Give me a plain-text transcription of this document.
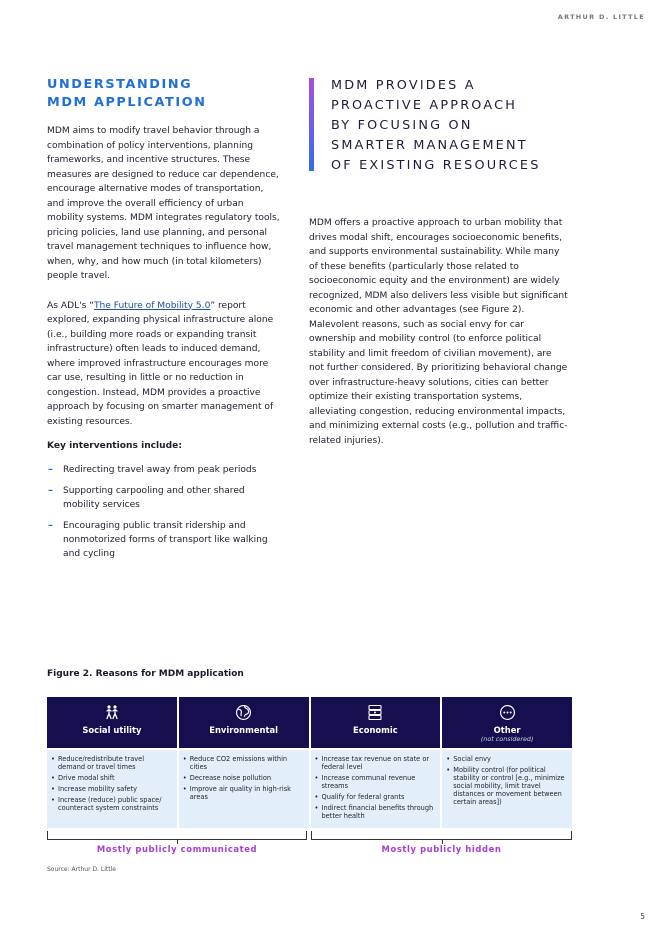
ARTHUR D. LITTLE
UNDERSTANDING
MDM APPLICATION

MDM aims to modify travel behavior through a combination of policy interventions, planning frameworks, and incentive structures. These measures are designed to reduce car dependence, encourage alternative modes of transportation, and improve the overall efficiency of urban mobility systems. MDM integrates regulatory tools, pricing policies, land use planning, and personal travel management techniques to influence how, when, why, and how much (in total kilometers) people travel.

As ADL's “The Future of Mobility 5.0” report explored, expanding physical infrastructure alone (i.e., building more roads or expanding transit infrastructure) often leads to induced demand, where improved infrastructure encourages more car use, resulting in little or no reduction in congestion. Instead, MDM provides a proactive approach by focusing on smarter management of existing resources.

Key interventions include:

– Redirecting travel away from peak periods
– Supporting carpooling and other shared mobility services
– Encouraging public transit ridership and nonmotorized forms of transport like walking and cycling
MDM PROVIDES A
PROACTIVE APPROACH
BY FOCUSING ON
SMARTER MANAGEMENT
OF EXISTING RESOURCES

MDM offers a proactive approach to urban mobility that drives modal shift, encourages socioeconomic benefits, and supports environmental sustainability. While many of these benefits (particularly those related to socioeconomic equity and the environment) are widely recognized, MDM also delivers less visible but significant economic and other advantages (see Figure 2). Malevolent reasons, such as social envy for car ownership and mobility control (to enforce political stability and limit freedom of civilian movement), are not further considered. By prioritizing behavioral change over infrastructure-heavy solutions, cities can better optimize their existing transportation systems, alleviating congestion, reducing environmental impacts, and minimizing external costs (e.g., pollution and traffic-related injuries).

Figure 2. Reasons for MDM application
Social utility
• Reduce/redistribute travel demand or travel times
• Drive modal shift
• Increase mobility safety
• Increase (reduce) public space/ counteract system constraints
Environmental
• Reduce CO2 emissions within cities
• Decrease noise pollution
• Improve air quality in high-risk areas
Economic
• Increase tax revenue on state or federal level
• Increase communal revenue streams
• Qualify for federal grants
• Indirect financial benefits through better health
Other
(not considered)
• Social envy
• Mobility control (for political stability or control [e.g., minimize social mobility, limit travel distances or movement between certain areas])
Mostly publicly communicated	Mostly publicly hidden
Source: Arthur D. Little
5
